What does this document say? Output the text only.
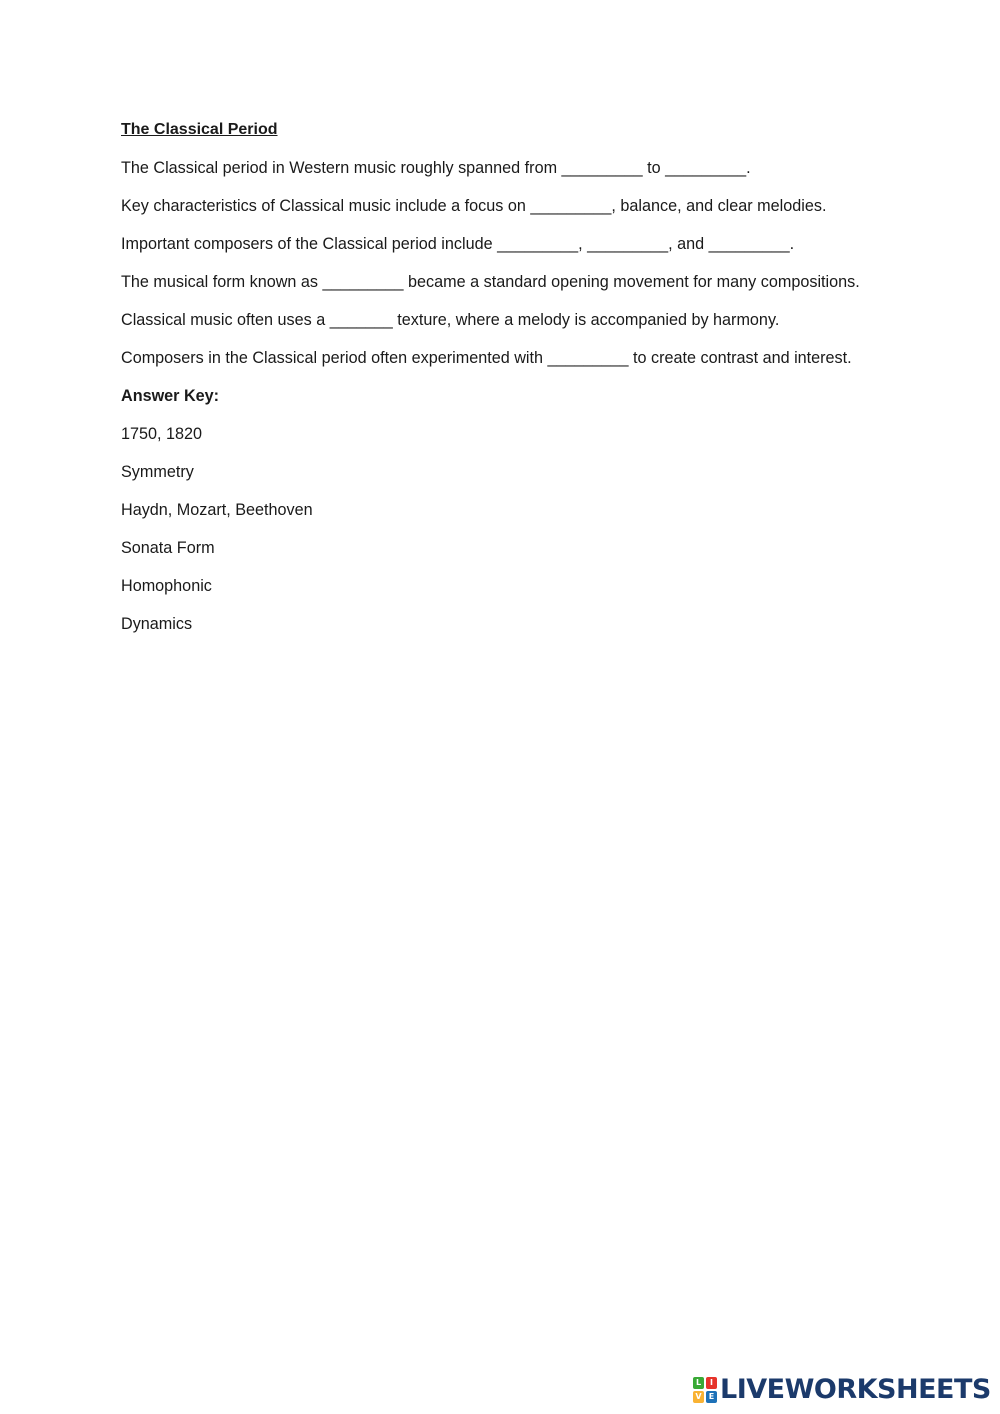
The Classical Period

The Classical period in Western music roughly spanned from _________ to _________.

Key characteristics of Classical music include a focus on _________, balance, and clear melodies.

Important composers of the Classical period include _________, _________, and _________.

The musical form known as _________ became a standard opening movement for many compositions.

Classical music often uses a _______ texture, where a melody is accompanied by harmony.

Composers in the Classical period often experimented with _________ to create contrast and interest.

Answer Key:

1750, 1820

Symmetry

Haydn, Mozart, Beethoven

Sonata Form

Homophonic

Dynamics

L	I
V E LIVEWORKSHEETS
